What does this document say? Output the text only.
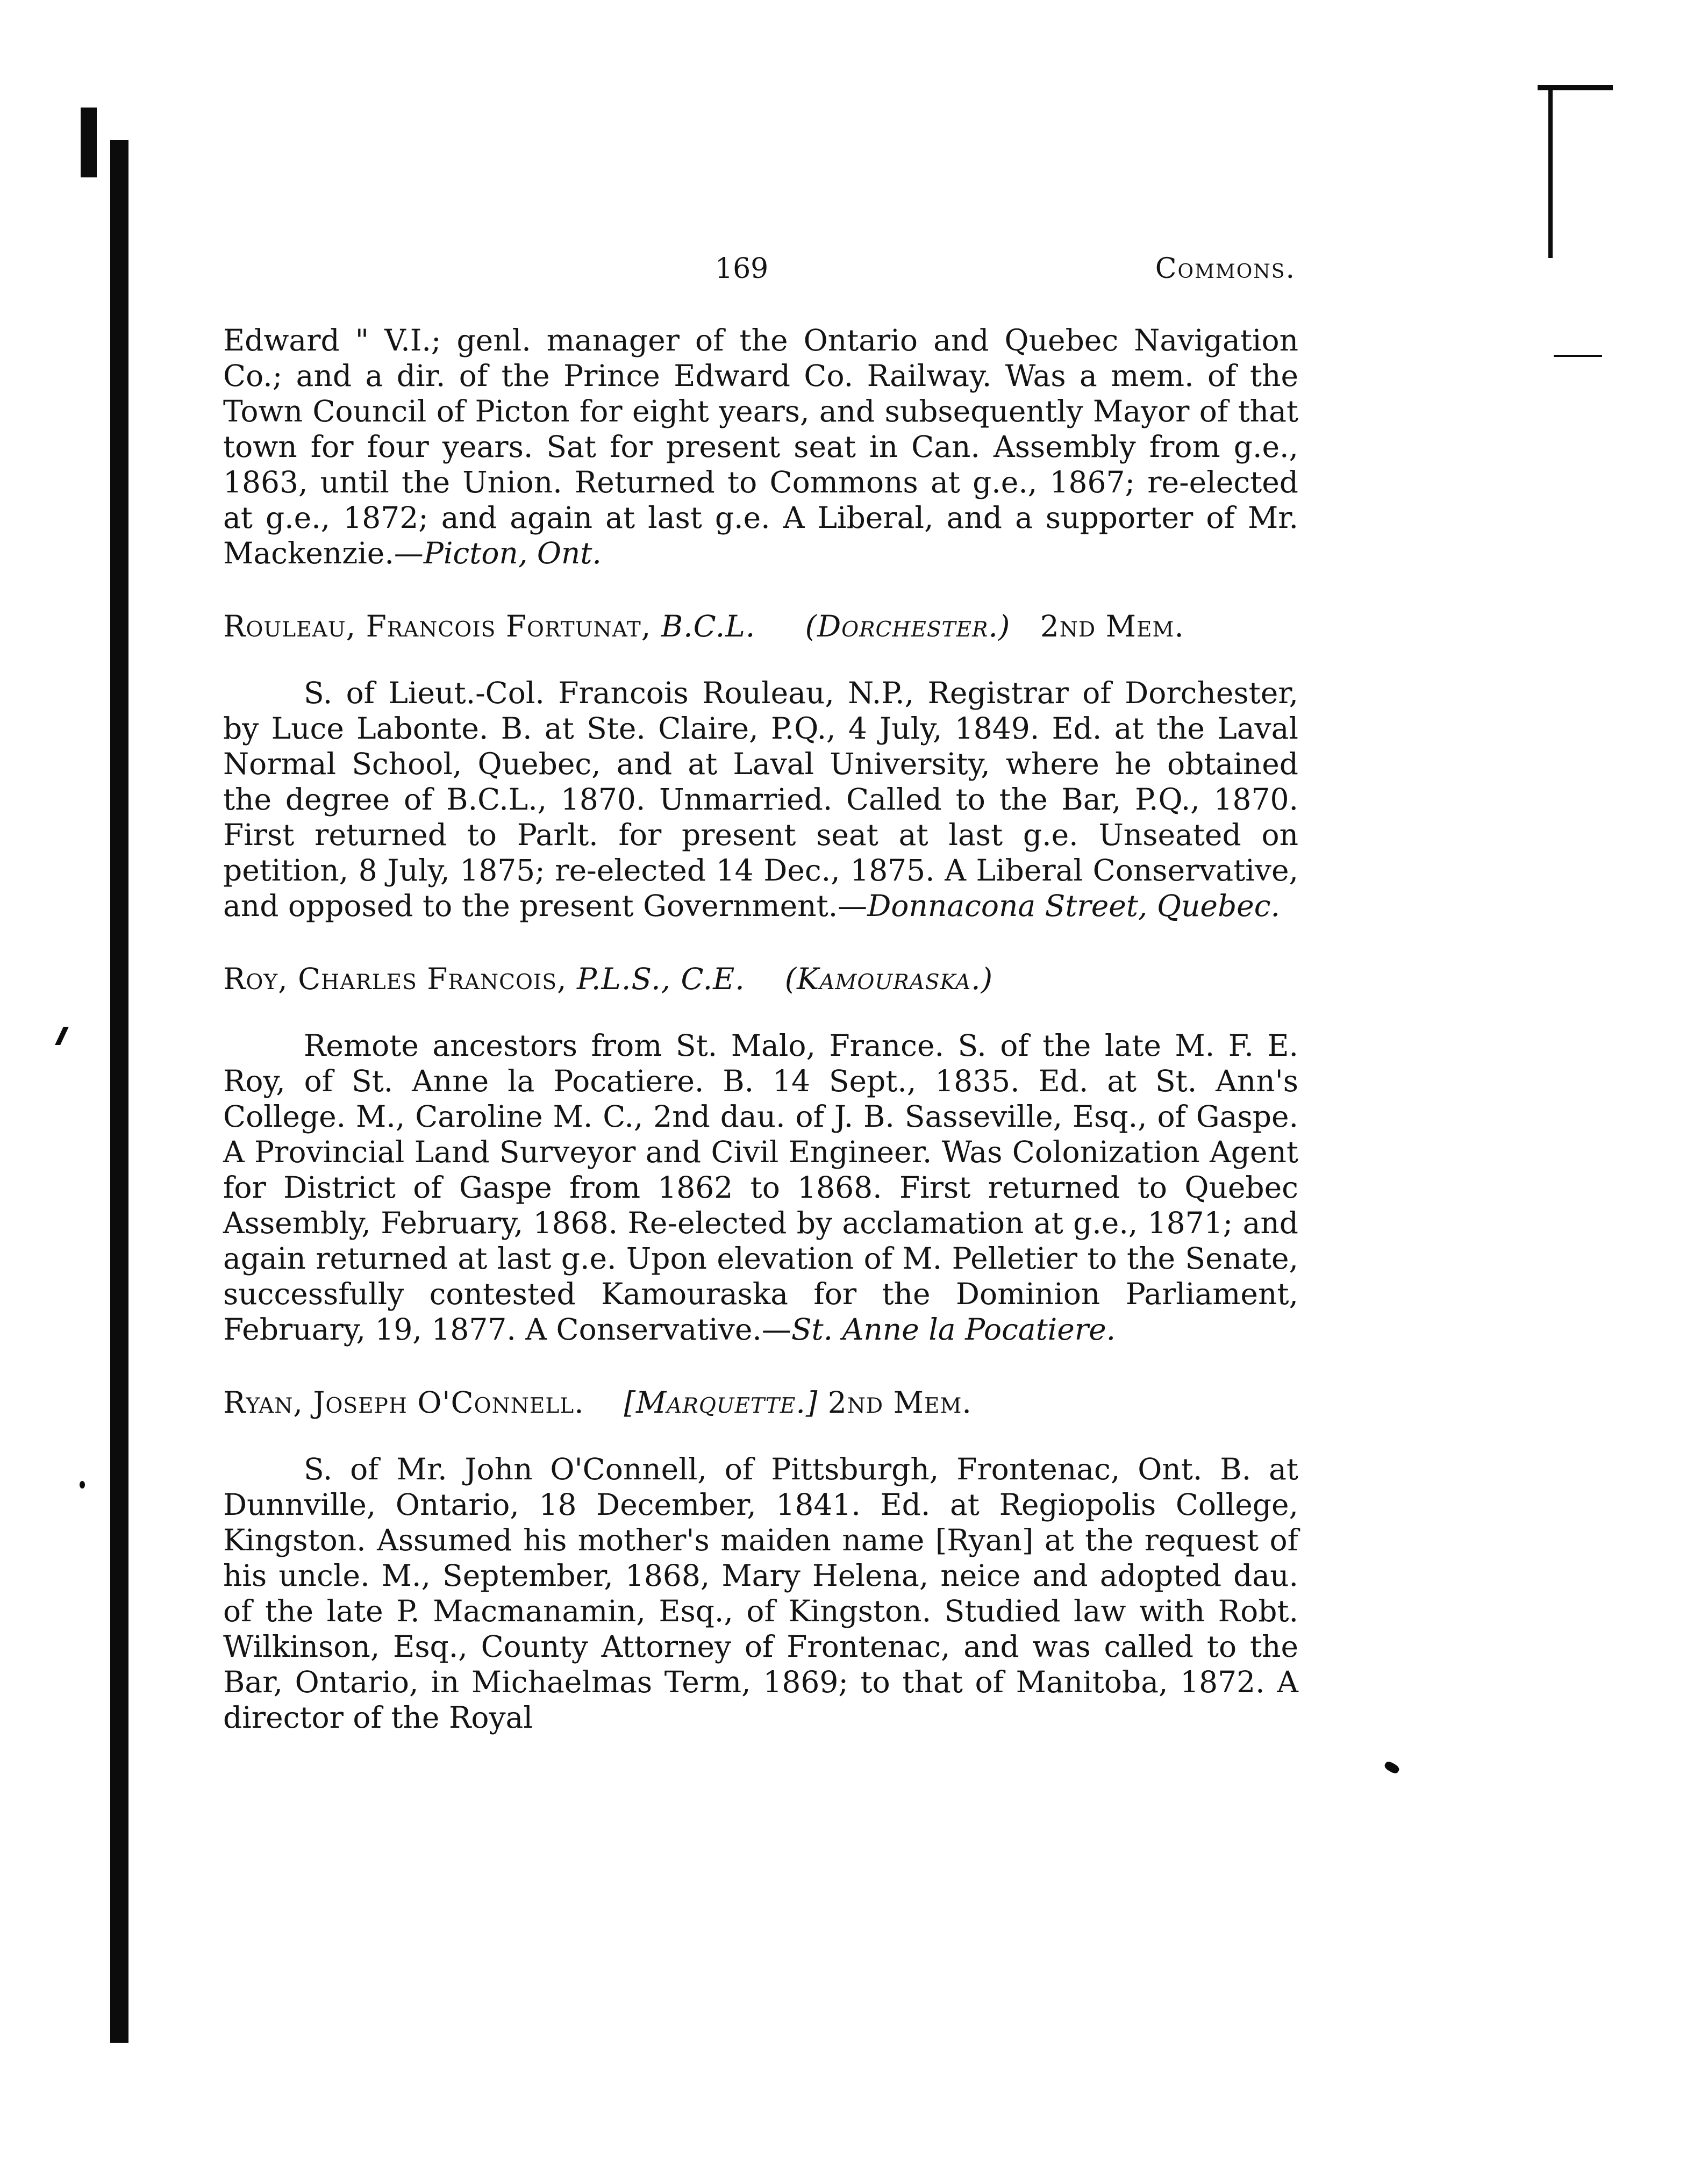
169	Commons.

Edward " V.I.; genl. manager of the Ontario and Quebec Navigation Co.; and a dir. of the Prince Edward Co. Railway. Was a mem. of the Town Council of Picton for eight years, and subsequently Mayor of that town for four years. Sat for present seat in Can. Assembly from g.e., 1863, until the Union. Returned to Commons at g.e., 1867; re-elected at g.e., 1872; and again at last g.e. A Liberal, and a supporter of Mr. Mackenzie.—Picton, Ont.

Rouleau, Francois Fortunat, B.C.L. (Dorchester.) 2nd Mem.

S. of Lieut.-Col. Francois Rouleau, N.P., Registrar of Dorchester, by Luce Labonte. B. at Ste. Claire, P.Q., 4 July, 1849. Ed. at the Laval Normal School, Quebec, and at Laval University, where he obtained the degree of B.C.L., 1870. Unmarried. Called to the Bar, P.Q., 1870. First returned to Parlt. for present seat at last g.e. Unseated on petition, 8 July, 1875; re-elected 14 Dec., 1875. A Liberal Conservative, and opposed to the present Government.—Donnacona Street, Quebec.

Roy, Charles Francois, P.L.S., C.E. (Kamouraska.)

Remote ancestors from St. Malo, France. S. of the late M. F. E. Roy, of St. Anne la Pocatiere. B. 14 Sept., 1835. Ed. at St. Ann's College. M., Caroline M. C., 2nd dau. of J. B. Sasseville, Esq., of Gaspe. A Provincial Land Surveyor and Civil Engineer. Was Colonization Agent for District of Gaspe from 1862 to 1868. First returned to Quebec Assembly, February, 1868. Re-elected by acclamation at g.e., 1871; and again returned at last g.e. Upon elevation of M. Pelletier to the Senate, successfully contested Kamouraska for the Dominion Parliament, February, 19, 1877. A Conservative.—St. Anne la Pocatiere.

Ryan, Joseph O'Connell. [Marquette.] 2nd Mem.

S. of Mr. John O'Connell, of Pittsburgh, Frontenac, Ont. B. at Dunnville, Ontario, 18 December, 1841. Ed. at Regiopolis College, Kingston. Assumed his mother's maiden name [Ryan] at the request of his uncle. M., September, 1868, Mary Helena, neice and adopted dau. of the late P. Macmanamin, Esq., of Kingston. Studied law with Robt. Wilkinson, Esq., County Attorney of Frontenac, and was called to the Bar, Ontario, in Michaelmas Term, 1869; to that of Manitoba, 1872. A director of the Royal
